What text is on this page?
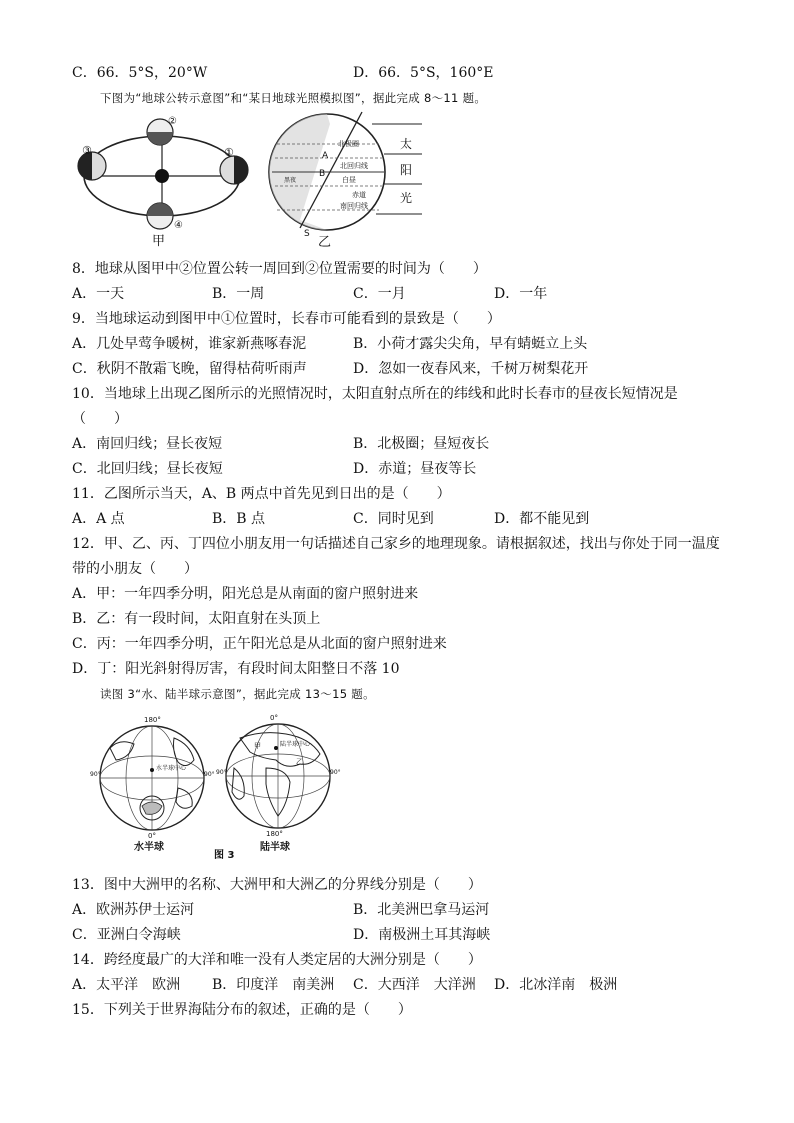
C．66．5°S，20°W	D．66．5°S，160°E
下图为“地球公转示意图”和“某日地球光照模拟图”，据此完成 8～11 题。
③	①
②
④
甲
北极圈
北回归线
赤道
南回归线
白昼
黑夜
A
B
S
太
阳
光
乙
8．地球从图甲中②位置公转一周回到②位置需要的时间为（　　）
A．一天	B．一周	C．一月	D．一年
9．当地球运动到图甲中①位置时，长春市可能看到的景致是（　　）
A．几处早莺争暖树，谁家新燕啄春泥	B．小荷才露尖尖角，早有蜻蜓立上头
C．秋阴不散霜飞晚，留得枯荷听雨声	D．忽如一夜春风来，千树万树梨花开
10．当地球上出现乙图所示的光照情况时，太阳直射点所在的纬线和此时长春市的昼夜长短情况是
（　　）
A．南回归线；昼长夜短	B．北极圈；昼短夜长
C．北回归线；昼长夜短	D．赤道；昼夜等长
11．乙图所示当天，A、B 两点中首先见到日出的是（　　）
A．A 点	B．B 点	C．同时见到	D．都不能见到
12．甲、乙、丙、丁四位小朋友用一句话描述自己家乡的地理现象。请根据叙述，找出与你处于同一温度
带的小朋友（　　）
A．甲：一年四季分明，阳光总是从南面的窗户照射进来
B．乙：有一段时间，太阳直射在头顶上
C．丙：一年四季分明，正午阳光总是从北面的窗户照射进来
D．丁：阳光斜射得厉害，有段时间太阳整日不落 10
读图 3“水、陆半球示意图”，据此完成 13～15 题。
水半球中心
180°
0°
90°	90°
水半球
陆半球中心
甲
乙
0°
90°	90°
180°
陆半球
图 3
13．图中大洲甲的名称、大洲甲和大洲乙的分界线分别是（　　）
A．欧洲苏伊士运河	B．北美洲巴拿马运河
C．亚洲白令海峡	D．南极洲土耳其海峡
14．跨经度最广的大洋和唯一没有人类定居的大洲分别是（　　）
A．太平洋　欧洲 B．印度洋　南美洲 C．大西洋　大洋洲 D．北冰洋南　极洲
15．下列关于世界海陆分布的叙述，正确的是（　　）
